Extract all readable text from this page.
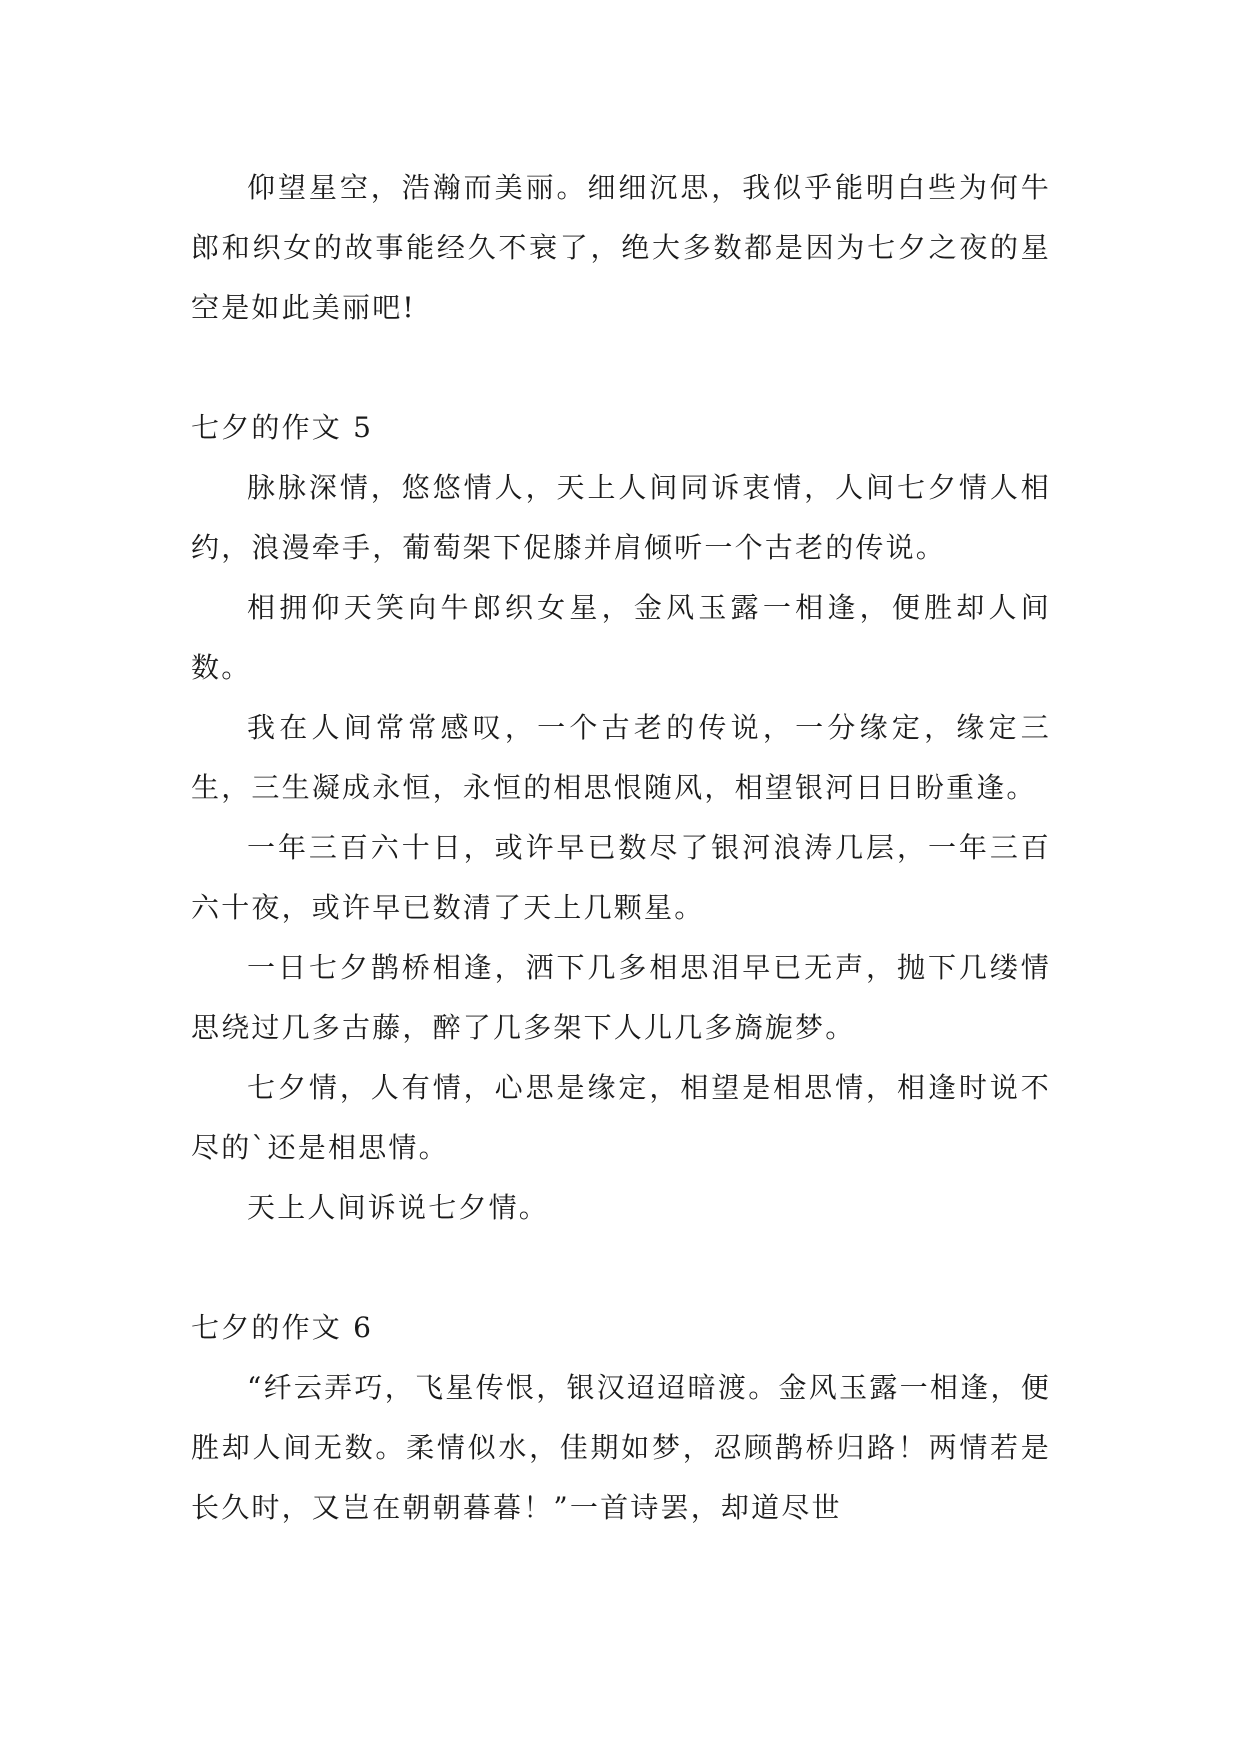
仰望星空，浩瀚而美丽。细细沉思，我似乎能明白些为何牛郎和织女的故事能经久不衰了，绝大多数都是因为七夕之夜的星空是如此美丽吧!

七夕的作文 5

脉脉深情，悠悠情人，天上人间同诉衷情，人间七夕情人相约，浪漫牵手，葡萄架下促膝并肩倾听一个古老的传说。

相拥仰天笑向牛郎织女星，金风玉露一相逢，便胜却人间数。

我在人间常常感叹，一个古老的传说，一分缘定，缘定三生，三生凝成永恒，永恒的相思恨随风，相望银河日日盼重逢。

一年三百六十日，或许早已数尽了银河浪涛几层，一年三百六十夜，或许早已数清了天上几颗星。

一日七夕鹊桥相逢，洒下几多相思泪早已无声，抛下几缕情思绕过几多古藤，醉了几多架下人儿几多旖旎梦。

七夕情，人有情，心思是缘定，相望是相思情，相逢时说不尽的`还是相思情。

天上人间诉说七夕情。

七夕的作文 6

“纤云弄巧，飞星传恨，银汉迢迢暗渡。金风玉露一相逢，便胜却人间无数。柔情似水，佳期如梦，忍顾鹊桥归路！两情若是长久时，又岂在朝朝暮暮！”一首诗罢，却道尽世
